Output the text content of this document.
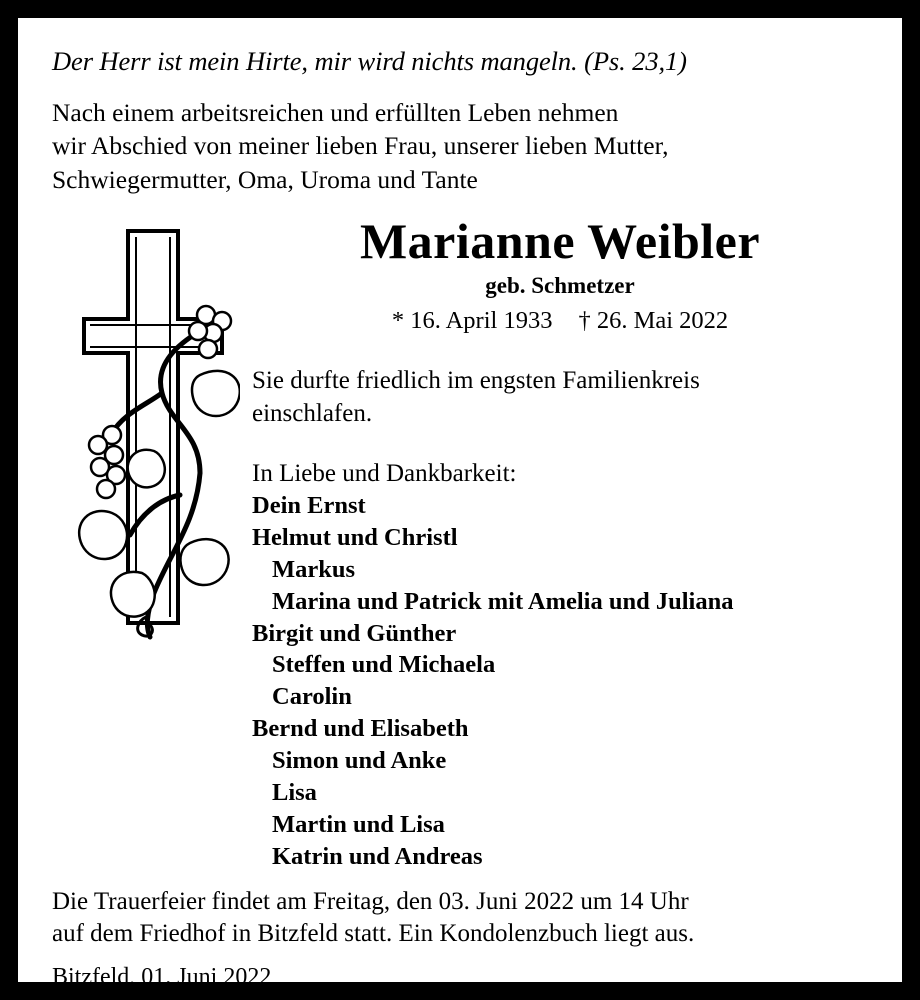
Der Herr ist mein Hirte, mir wird nichts mangeln. (Ps. 23,1)
Nach einem arbeitsreichen und erfüllten Leben nehmen
wir Abschied von meiner lieben Frau, unserer lieben Mutter,
Schwiegermutter, Oma, Uroma und Tante
Marianne Weibler
geb. Schmetzer
* 16. April 1933 † 26. Mai 2022
Sie durfte friedlich im engsten Familienkreis
einschlafen.
In Liebe und Dankbarkeit:
Dein Ernst
Helmut und Christl
Markus
Marina und Patrick mit Amelia und Juliana
Birgit und Günther
Steffen und Michaela
Carolin
Bernd und Elisabeth
Simon und Anke
Lisa
Martin und Lisa
Katrin und Andreas
Die Trauerfeier findet am Freitag, den 03. Juni 2022 um 14 Uhr
auf dem Friedhof in Bitzfeld statt. Ein Kondolenzbuch liegt aus.
Bitzfeld, 01. Juni 2022
